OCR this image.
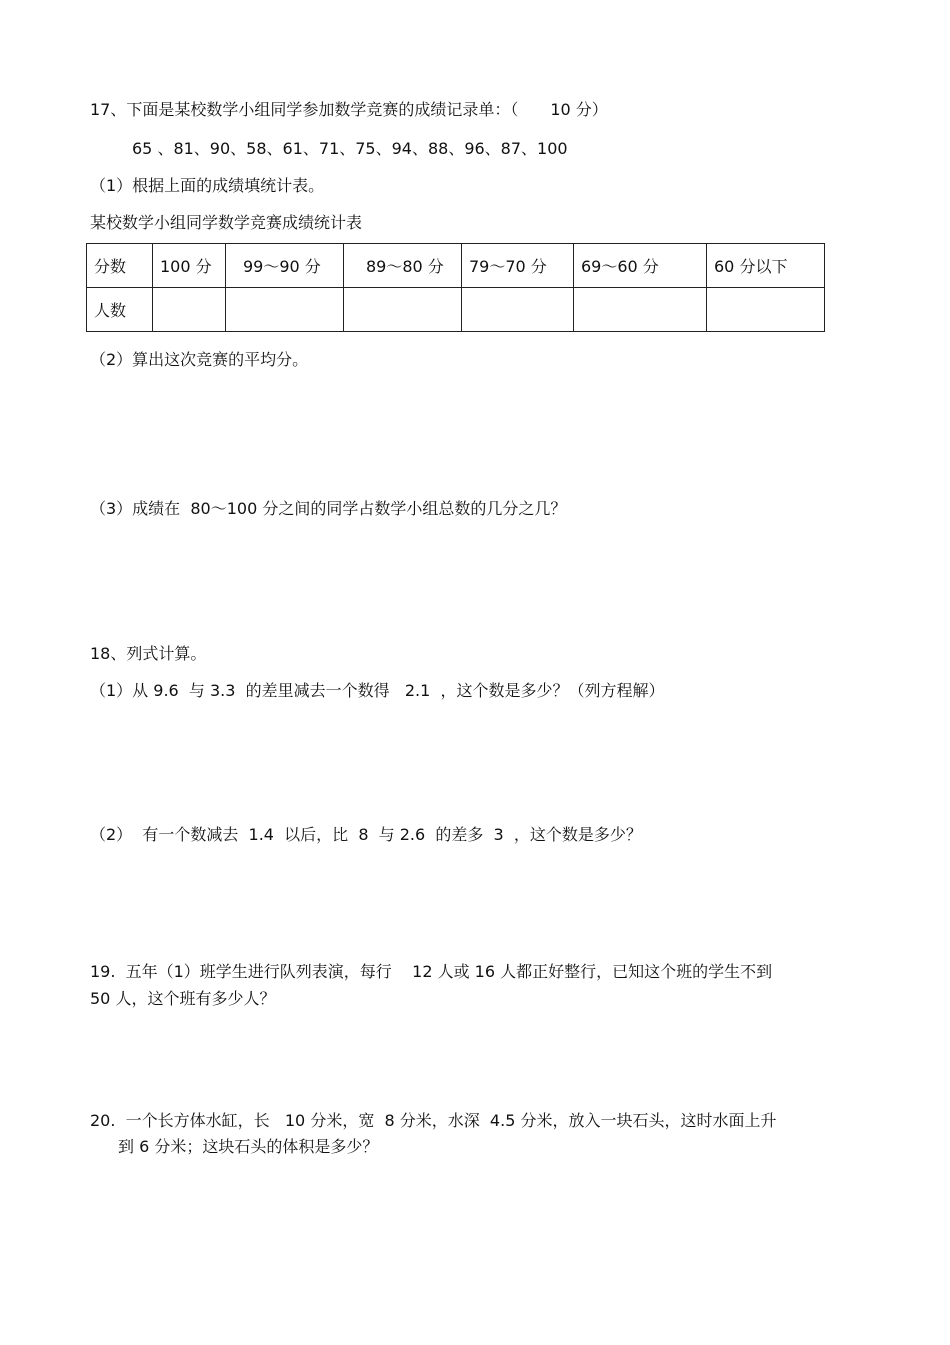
17、下面是某校数学小组同学参加数学竞赛的成绩记录单：（　　10 分）
65 、81、90、58、61、71、75、94、88、96、87、100
（1）根据上面的成绩填统计表。
某校数学小组同学数学竞赛成绩统计表
分数	100 分	99～90 分	89～80 分	79～70 分	69～60 分	60 分以下
人数						
（2）算出这次竞赛的平均分。
（3）成绩在  80～100 分之间的同学占数学小组总数的几分之几？
18、列式计算。
（1）从 9.6  与 3.3  的差里减去一个数得   2.1  ，这个数是多少？（列方程解）
（2）  有一个数减去  1.4  以后，比  8  与 2.6  的差多  3  ，这个数是多少？
19.  五年（1）班学生进行队列表演，每行    12 人或 16 人都正好整行，已知这个班的学生不到
50 人，这个班有多少人？
20.  一个长方体水缸，长   10 分米，宽  8 分米，水深  4.5 分米，放入一块石头，这时水面上升
到 6 分米；这块石头的体积是多少？
